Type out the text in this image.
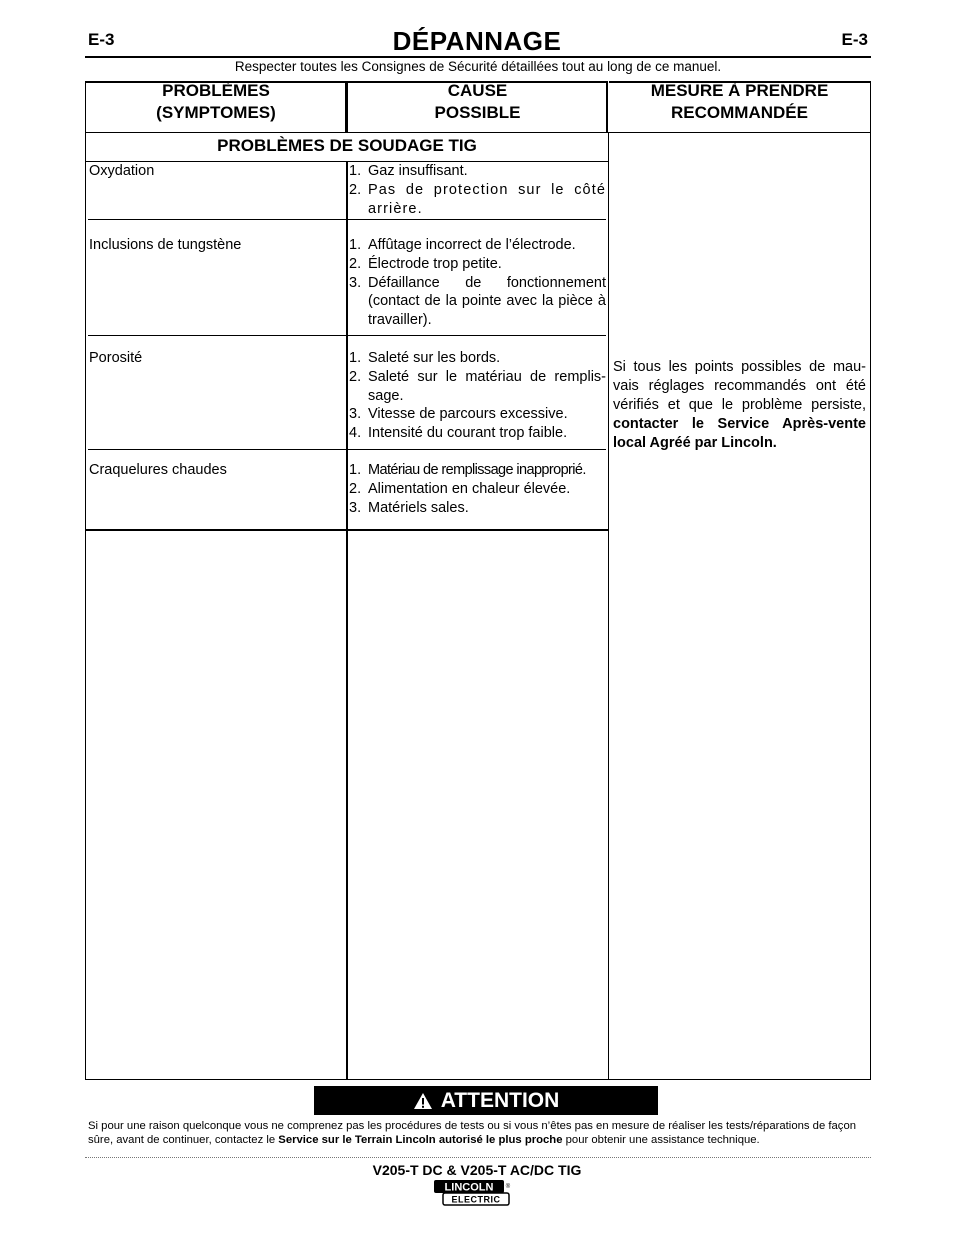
E-3	DÉPANNAGE	E-3
Respecter toutes les Consignes de Sécurité détaillées tout au long de ce manuel.
PROBLÈMES
(SYMPTOMES)
CAUSE
POSSIBLE
MESURE À PRENDRE
RECOMMANDÉE
PROBLÈMES DE SOUDAGE TIG
Oxydation	1. Gaz insuffisant.
2. Pas de protection sur le côté arrière.
Inclusions de tungstène	1. Affûtage incorrect de l’électrode.
2. Électrode trop petite.
3. Défaillance de fonctionnement (contact de la pointe avec la pièce à travailler).
Porosité	1. Saleté sur les bords.
2. Saleté sur le matériau de remplis-sage.
3. Vitesse de parcours excessive.
4. Intensité du courant trop faible.
Craquelures chaudes	1. Matériau de remplissage inapproprié.
2. Alimentation en chaleur élevée.
3. Matériels sales.
Si tous les points possibles de mau-vais réglages recommandés ont été vérifiés et que le problème persiste, contacter le Service Après-vente local Agréé par Lincoln.
ATTENTION
Si pour une raison quelconque vous ne comprenez pas les procédures de tests ou si vous n’êtes pas en mesure de réaliser les tests/réparations de façon sûre, avant de continuer, contactez le Service sur le Terrain Lincoln autorisé le plus proche pour obtenir une assistance technique.
V205-T DC & V205-T AC/DC TIG
LINCOLN
ELECTRIC
®
